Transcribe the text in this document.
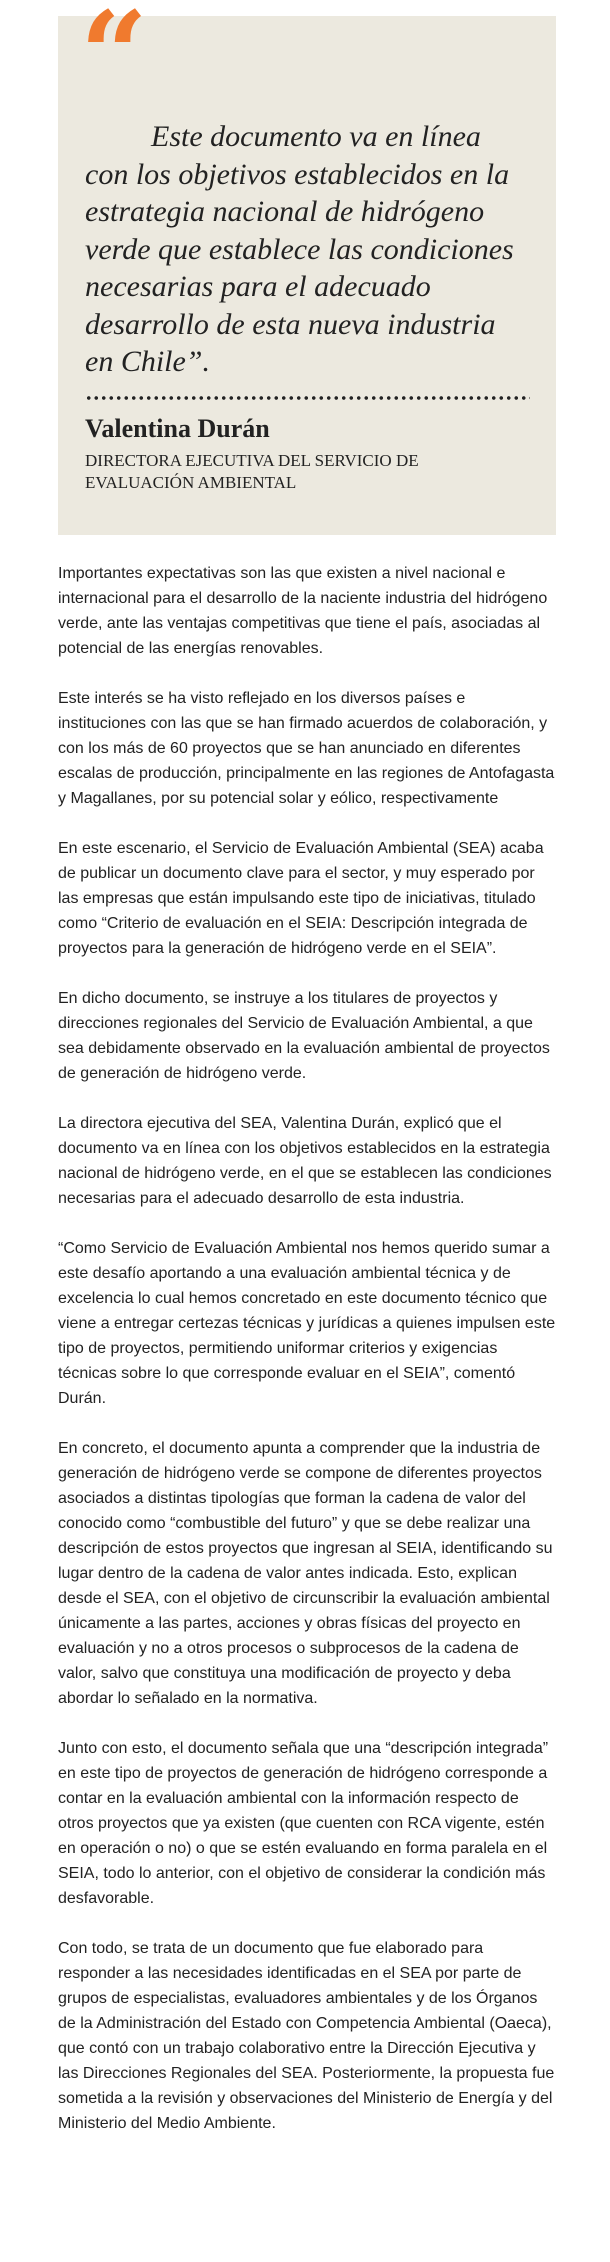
“

Este documento va en línea con los objetivos establecidos en la estrategia nacional de hidrógeno verde que establece las condiciones necesarias para el adecuado desarrollo de esta nueva industria en Chile”.

Valentina Durán
DIRECTORA EJECUTIVA DEL SERVICIO DE EVALUACIÓN AMBIENTAL

Importantes expectativas son las que existen a nivel nacional e internacional para el desarrollo de la naciente industria del hidrógeno verde, ante las ventajas competitivas que tiene el país, asociadas al potencial de las energías renovables.

Este interés se ha visto reflejado en los diversos países e instituciones con las que se han firmado acuerdos de colaboración, y con los más de 60 proyectos que se han anunciado en diferentes escalas de producción, principalmente en las regiones de Antofagasta y Magallanes, por su potencial solar y eólico, respectivamente

En este escenario, el Servicio de Evaluación Ambiental (SEA) acaba de publicar un documento clave para el sector, y muy esperado por las empresas que están impulsando este tipo de iniciativas, titulado como “Criterio de evaluación en el SEIA: Descripción integrada de proyectos para la generación de hidrógeno verde en el SEIA”.

En dicho documento, se instruye a los titulares de proyectos y direcciones regionales del Servicio de Evaluación Ambiental, a que sea debidamente observado en la evaluación ambiental de proyectos de generación de hidrógeno verde.

La directora ejecutiva del SEA, Valentina Durán, explicó que el documento va en línea con los objetivos establecidos en la estrategia nacional de hidrógeno verde, en el que se establecen las condiciones necesarias para el adecuado desarrollo de esta industria.

“Como Servicio de Evaluación Ambiental nos hemos querido sumar a este desafío aportando a una evaluación ambiental técnica y de excelencia lo cual hemos concretado en este documento técnico que viene a entregar certezas técnicas y jurídicas a quienes impulsen este tipo de proyectos, permitiendo uniformar criterios y exigencias técnicas sobre lo que corresponde evaluar en el SEIA”, comentó Durán.

En concreto, el documento apunta a comprender que la industria de generación de hidrógeno verde se compone de diferentes proyectos asociados a distintas tipologías que forman la cadena de valor del conocido como “combustible del futuro” y que se debe realizar una descripción de estos proyectos que ingresan al SEIA, identificando su lugar dentro de la cadena de valor antes indicada. Esto, explican desde el SEA, con el objetivo de circunscribir la evaluación ambiental únicamente a las partes, acciones y obras físicas del proyecto en evaluación y no a otros procesos o subprocesos de la cadena de valor, salvo que constituya una modificación de proyecto y deba abordar lo señalado en la normativa.

Junto con esto, el documento señala que una “descripción integrada” en este tipo de proyectos de generación de hidrógeno corresponde a contar en la evaluación ambiental con la información respecto de otros proyectos que ya existen (que cuenten con RCA vigente, estén en operación o no) o que se estén evaluando en forma paralela en el SEIA, todo lo anterior, con el objetivo de considerar la condición más desfavorable.

Con todo, se trata de un documento que fue elaborado para responder a las necesidades identificadas en el SEA por parte de grupos de especialistas, evaluadores ambientales y de los Órganos de la Administración del Estado con Competencia Ambiental (Oaeca), que contó con un trabajo colaborativo entre la Dirección Ejecutiva y las Direcciones Regionales del SEA. Posteriormente, la propuesta fue sometida a la revisión y observaciones del Ministerio de Energía y del Ministerio del Medio Ambiente.
